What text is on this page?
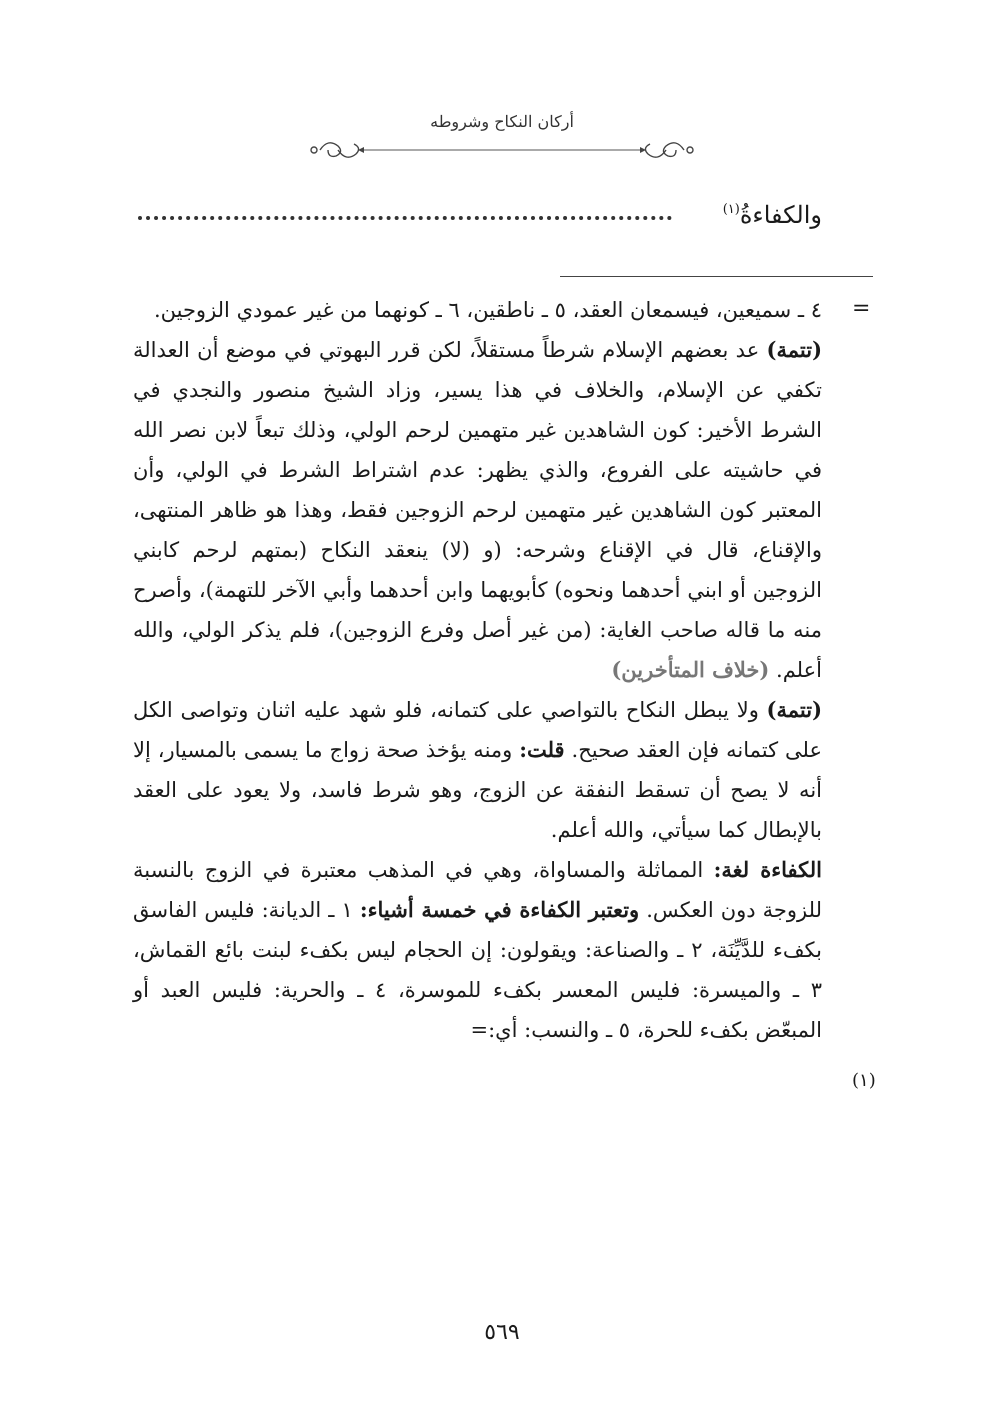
أركان النكاح وشروطه
والكفاءةُ$^{(١)}$
=

٤ ـ سميعين، فيسمعان العقد، ٥ ـ ناطقين، ٦ ـ كونهما من غير عمودي الزوجين.

(تتمة) عد بعضهم الإسلام شرطاً مستقلاً، لكن قرر البهوتي في موضع أن العدالة تكفي عن الإسلام، والخلاف في هذا يسير، وزاد الشيخ منصور والنجدي في الشرط الأخير: كون الشاهدين غير متهمين لرحم الولي، وذلك تبعاً لابن نصر الله في حاشيته على الفروع، والذي يظهر: عدم اشتراط الشرط في الولي، وأن المعتبر كون الشاهدين غير متهمين لرحم الزوجين فقط، وهذا هو ظاهر المنتهى، والإقناع، قال في الإقناع وشرحه: (و (لا) ينعقد النكاح (بمتهم لرحم كابني الزوجين أو ابني أحدهما ونحوه) كأبويهما وابن أحدهما وأبي الآخر للتهمة)، وأصرح منه ما قاله صاحب الغاية: (من غير أصل وفرع الزوجين)، فلم يذكر الولي، والله أعلم. (خلاف المتأخرين)

(تتمة) ولا يبطل النكاح بالتواصي على كتمانه، فلو شهد عليه اثنان وتواصى الكل على كتمانه فإن العقد صحيح. قلت: ومنه يؤخذ صحة زواج ما يسمى بالمسيار، إلا أنه لا يصح أن تسقط النفقة عن الزوج، وهو شرط فاسد، ولا يعود على العقد بالإبطال كما سيأتي، والله أعلم.

الكفاءة لغة: المماثلة والمساواة، وهي في المذهب معتبرة في الزوج بالنسبة للزوجة دون العكس. وتعتبر الكفاءة في خمسة أشياء: ١ ـ الديانة: فليس الفاسق بكفء للدَّيِّنَة، ٢ ـ والصناعة: ويقولون: إن الحجام ليس بكفء لبنت بائع القماش، ٣ ـ والميسرة: فليس المعسر بكفء للموسرة، ٤ ـ والحرية: فليس العبد أو المبعّض بكفء للحرة، ٥ ـ والنسب: أي:=

(١)
٥٦٩
